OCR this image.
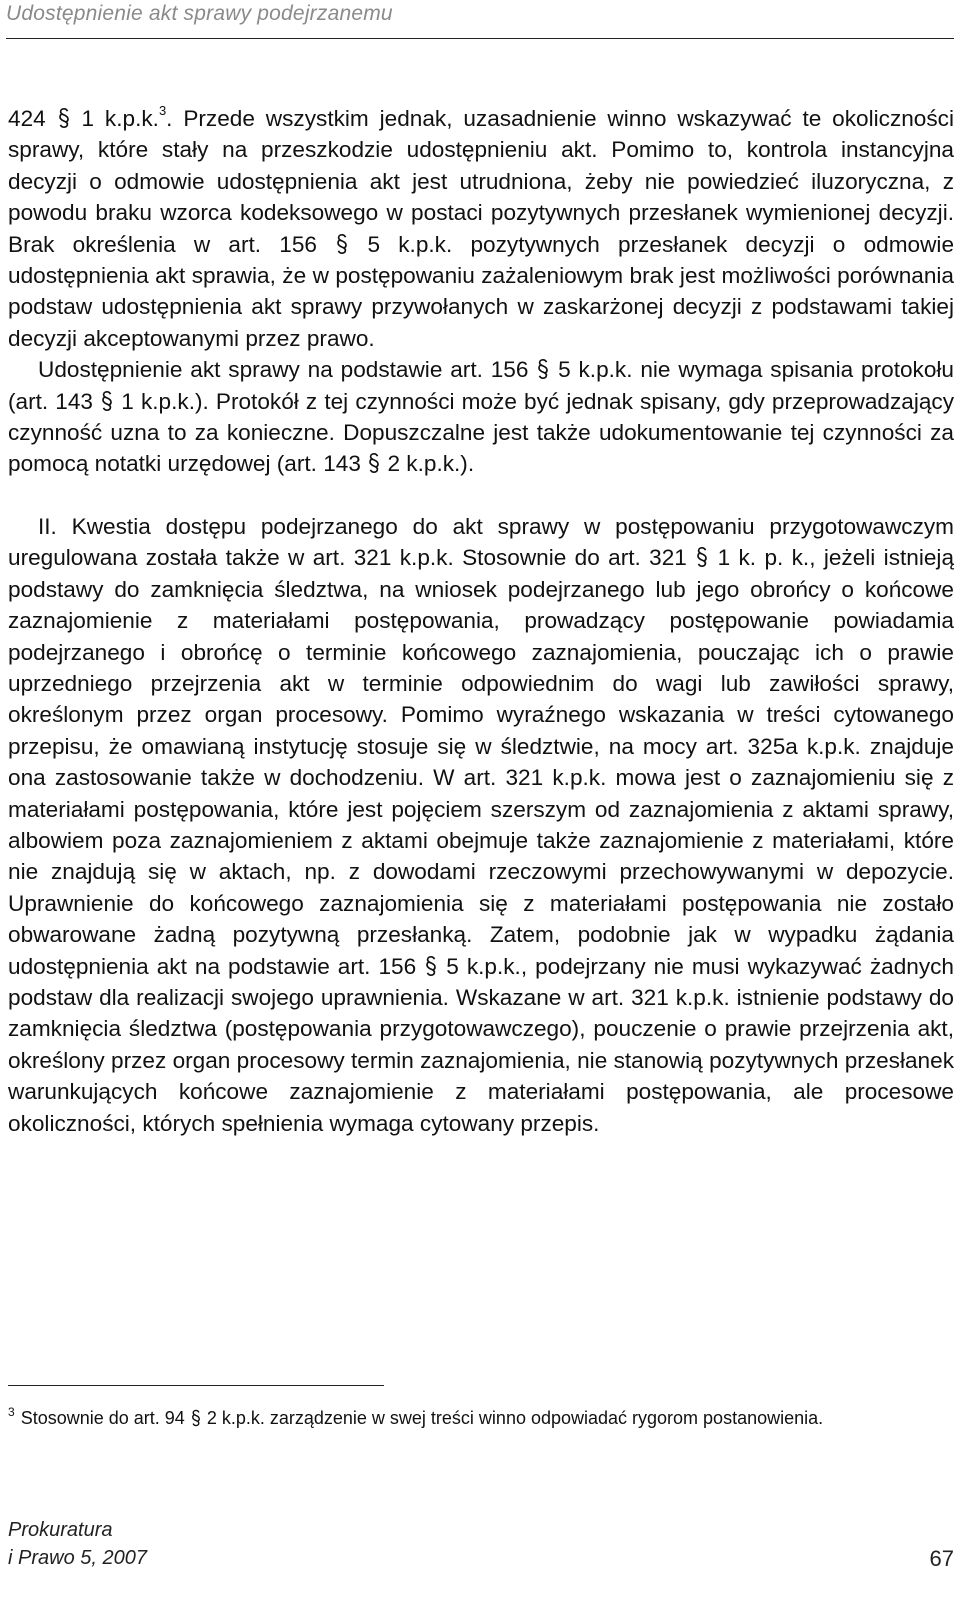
Udostępnienie akt sprawy podejrzanemu

424 1 k.p.k.$^3$. Przede wszystkim jednak, uzasadnienie winno wskazywać te okoliczności sprawy, które stały na przeszkodzie udostępnieniu akt. Pomimo to, kontrola instancyjna decyzji o odmowie udostępnienia akt jest utrudniona, żeby nie powiedzieć iluzoryczna, z powodu braku wzorca kodeksowego w postaci pozytywnych przesłanek wymienionej decyzji. Brak określenia w art. 156 5 k.p.k. pozytywnych przesłanek decyzji o odmowie udostępnienia akt sprawia, że w postępowaniu zażaleniowym brak jest możliwości porównania podstaw udostępnienia akt sprawy przywołanych w zaskarżonej decyzji z podstawami takiej decyzji akceptowanymi przez prawo.

Udostępnienie akt sprawy na podstawie art. 156 5 k.p.k. nie wymaga spisania protokołu (art. 143 1 k.p.k.). Protokół z tej czynności może być jednak spisany, gdy przeprowadzający czynność uzna to za konieczne. Dopuszczalne jest także udokumentowanie tej czynności za pomocą notatki urzędowej (art. 143 2 k.p.k.).

II. Kwestia dostępu podejrzanego do akt sprawy w postępowaniu przygotowawczym uregulowana została także w art. 321 k.p.k. Stosownie do art. 321 1 k. p. k., jeżeli istnieją podstawy do zamknięcia śledztwa, na wniosek podejrzanego lub jego obrońcy o końcowe zaznajomienie z materiałami postępowania, prowadzący postępowanie powiadamia podejrzanego i obrońcę o terminie końcowego zaznajomienia, pouczając ich o prawie uprzedniego przejrzenia akt w terminie odpowiednim do wagi lub zawiłości sprawy, określonym przez organ procesowy. Pomimo wyraźnego wskazania w treści cytowanego przepisu, że omawianą instytucję stosuje się w śledztwie, na mocy art. 325a k.p.k. znajduje ona zastosowanie także w dochodzeniu. W art. 321 k.p.k. mowa jest o zaznajomieniu się z materiałami postępowania, które jest pojęciem szerszym od zaznajomienia z aktami sprawy, albowiem poza zaznajomieniem z aktami obejmuje także zaznajomienie z materiałami, które nie znajdują się w aktach, np. z dowodami rzeczowymi przechowywanymi w depozycie. Uprawnienie do końcowego zaznajomienia się z materiałami postępowania nie zostało obwarowane żadną pozytywną przesłanką. Zatem, podobnie jak w wypadku żądania udostępnienia akt na podstawie art. 156 5 k.p.k., podejrzany nie musi wykazywać żadnych podstaw dla realizacji swojego uprawnienia. Wskazane w art. 321 k.p.k. istnienie podstawy do zamknięcia śledztwa (postępowania przygotowawczego), pouczenie o prawie przejrzenia akt, określony przez organ procesowy termin zaznajomienia, nie stanowią pozytywnych przesłanek warunkujących końcowe zaznajomienie z materiałami postępowania, ale procesowe okoliczności, których spełnienia wymaga cytowany przepis.

$^3$ Stosownie do art. 94 2 k.p.k. zarządzenie w swej treści winno odpowiadać rygorom postanowienia.
Prokuratura
i Prawo 5, 2007	67
